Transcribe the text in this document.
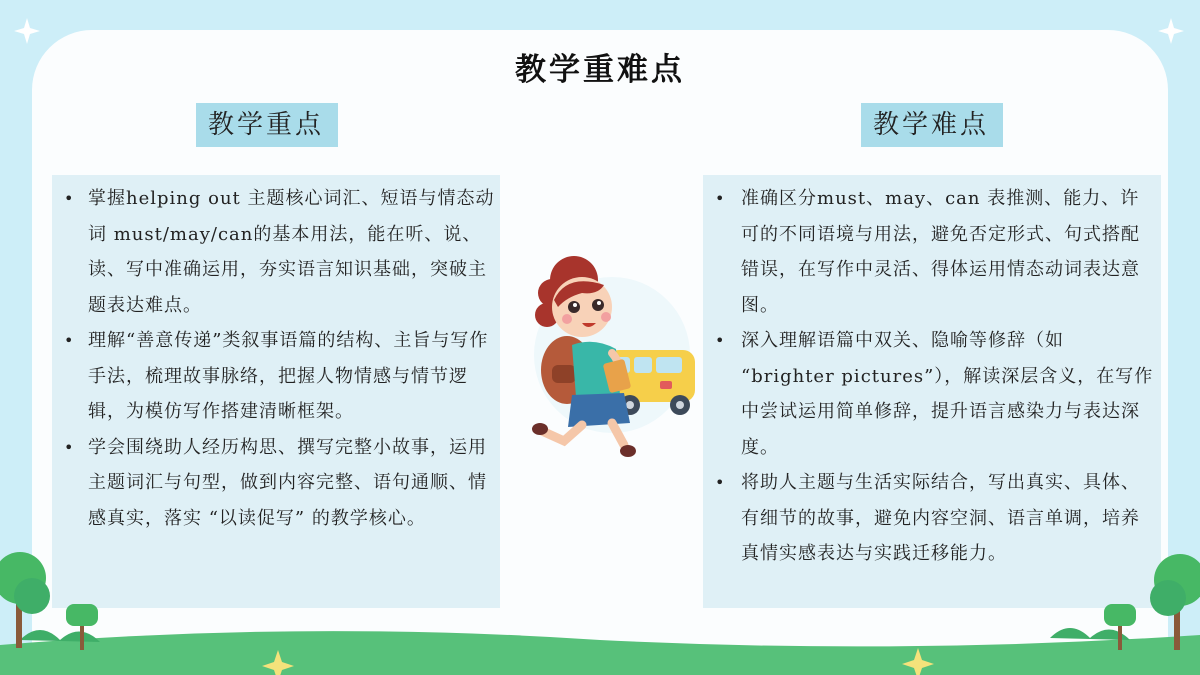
教学重难点
教学重点	教学难点
• 掌握helping out 主题核心词汇、短语与情态动词 must/may/can的基本用法，能在听、说、读、写中准确运用，夯实语言知识基础，突破主题表达难点。
• 理解“善意传递”类叙事语篇的结构、主旨与写作手法，梳理故事脉络，把握人物情感与情节逻辑，为模仿写作搭建清晰框架。
• 学会围绕助人经历构思、撰写完整小故事，运用主题词汇与句型，做到内容完整、语句通顺、情感真实，落实 “以读促写” 的教学核心。
• 准确区分must、may、can 表推测、能力、许可的不同语境与用法，避免否定形式、句式搭配错误，在写作中灵活、得体运用情态动词表达意图。
• 深入理解语篇中双关、隐喻等修辞（如 “brighter pictures”），解读深层含义，在写作中尝试运用简单修辞，提升语言感染力与表达深度。
• 将助人主题与生活实际结合，写出真实、具体、有细节的故事，避免内容空洞、语言单调，培养真情实感表达与实践迁移能力。
